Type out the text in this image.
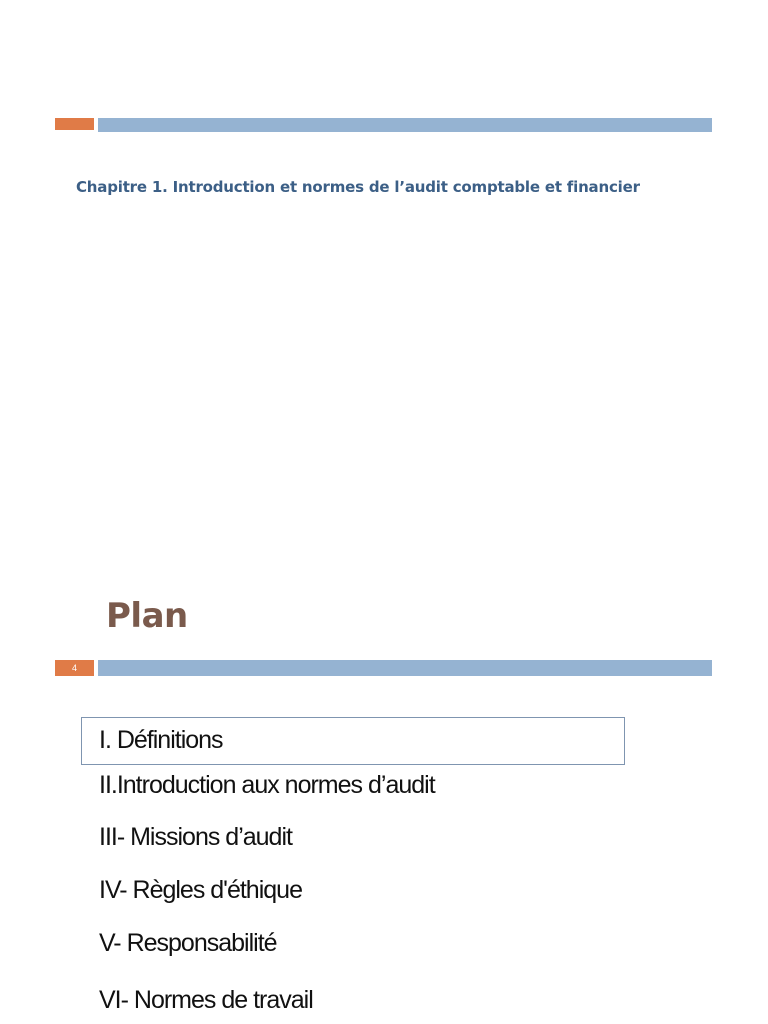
Chapitre 1. Introduction et normes de l’audit comptable et financier
Plan
4
I. Définitions
II.Introduction aux normes d’audit
III- Missions d’audit
IV- Règles d'éthique
V- Responsabilité
VI- Normes de travail
